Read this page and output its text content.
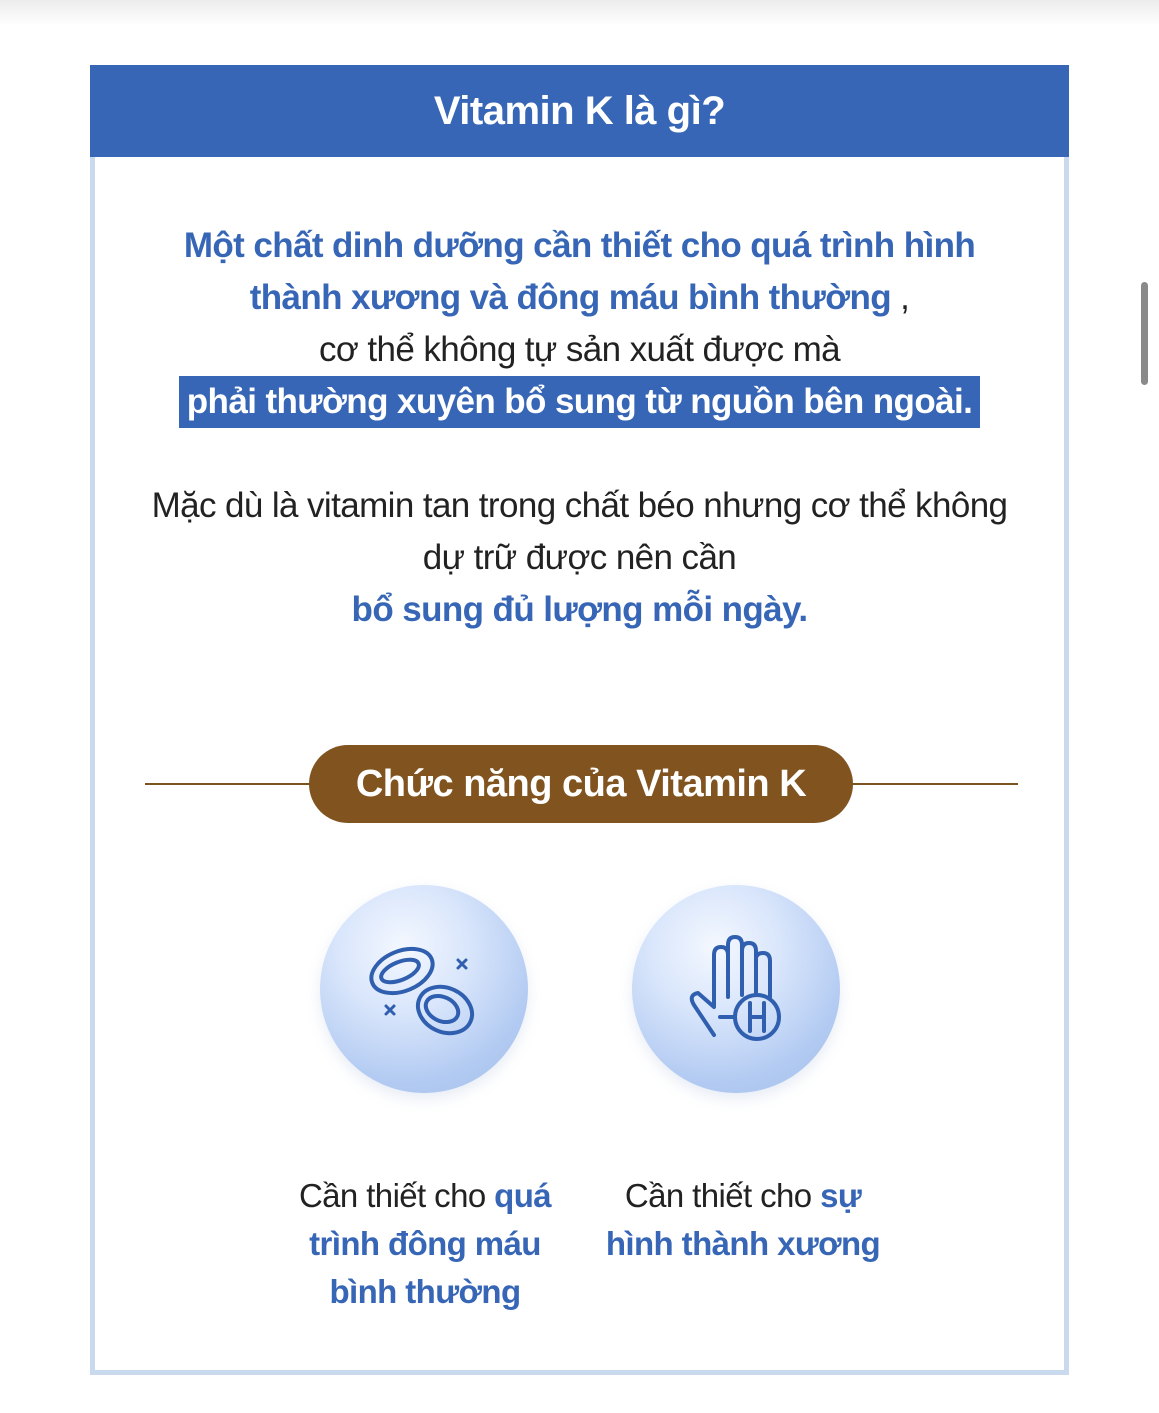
Vitamin K là gì?
Một chất dinh dưỡng cần thiết cho quá trình hình
thành xương và đông máu bình thường ,
cơ thể không tự sản xuất được mà
phải thường xuyên bổ sung từ nguồn bên ngoài.
Mặc dù là vitamin tan trong chất béo nhưng cơ thể không
dự trữ được nên cần
bổ sung đủ lượng mỗi ngày.
Chức năng của Vitamin K
Cần thiết cho quá
trình đông máu
bình thường
Cần thiết cho sự
hình thành xương
